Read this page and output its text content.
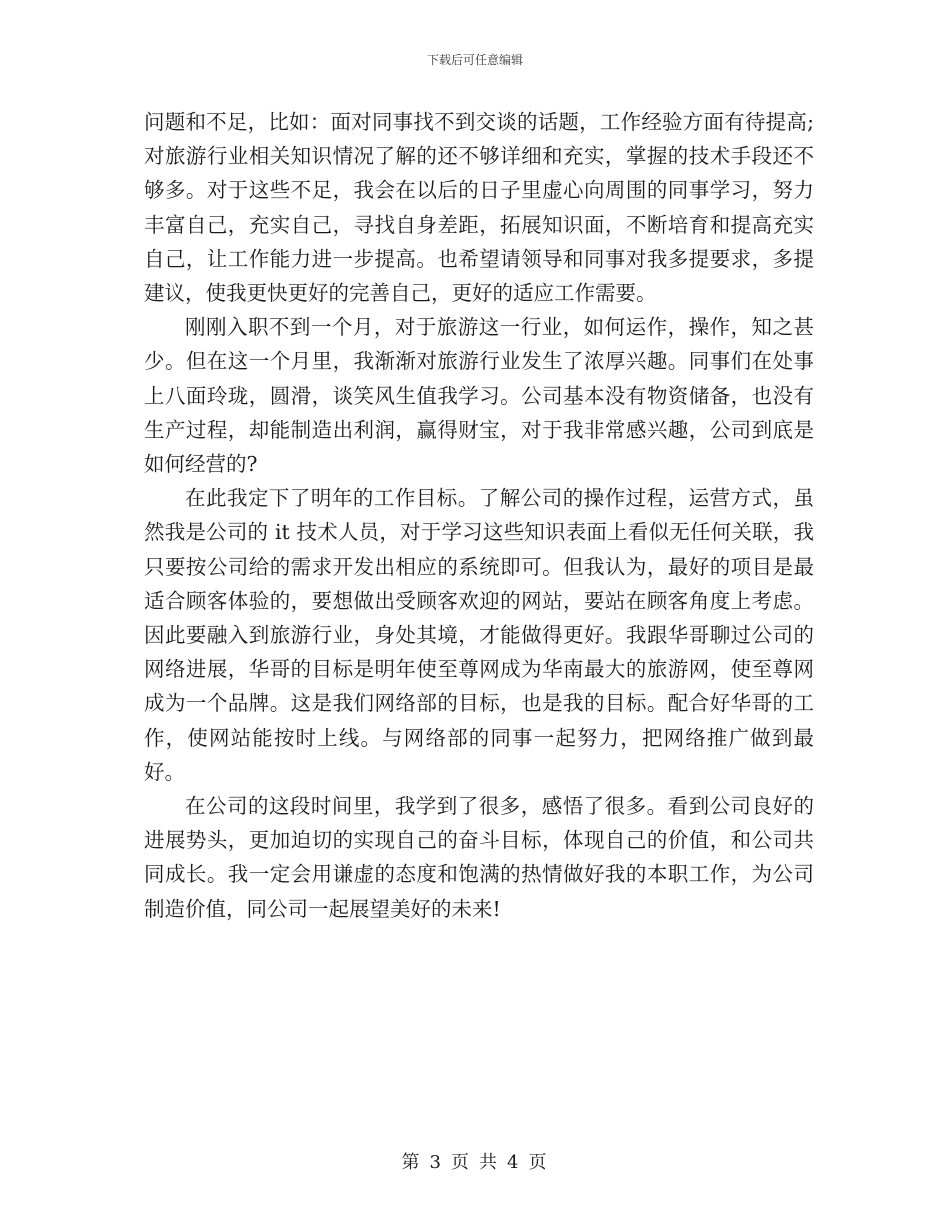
下载后可任意编辑

问题和不足，比如：面对同事找不到交谈的话题，工作经验方面有待提高;对旅游行业相关知识情况了解的还不够详细和充实，掌握的技术手段还不够多。对于这些不足，我会在以后的日子里虚心向周围的同事学习，努力丰富自己，充实自己，寻找自身差距，拓展知识面，不断培育和提高充实自己，让工作能力进一步提高。也希望请领导和同事对我多提要求，多提建议，使我更快更好的完善自己，更好的适应工作需要。

刚刚入职不到一个月，对于旅游这一行业，如何运作，操作，知之甚少。但在这一个月里，我渐渐对旅游行业发生了浓厚兴趣。同事们在处事上八面玲珑，圆滑，谈笑风生值我学习。公司基本没有物资储备，也没有生产过程，却能制造出利润，赢得财宝，对于我非常感兴趣，公司到底是如何经营的?

在此我定下了明年的工作目标。了解公司的操作过程，运营方式，虽然我是公司的 it 技术人员，对于学习这些知识表面上看似无任何关联，我只要按公司给的需求开发出相应的系统即可。但我认为，最好的项目是最适合顾客体验的，要想做出受顾客欢迎的网站，要站在顾客角度上考虑。因此要融入到旅游行业，身处其境，才能做得更好。我跟华哥聊过公司的网络进展，华哥的目标是明年使至尊网成为华南最大的旅游网，使至尊网成为一个品牌。这是我们网络部的目标，也是我的目标。配合好华哥的工作，使网站能按时上线。与网络部的同事一起努力，把网络推广做到最好。

在公司的这段时间里，我学到了很多，感悟了很多。看到公司良好的进展势头，更加迫切的实现自己的奋斗目标，体现自己的价值，和公司共同成长。我一定会用谦虚的态度和饱满的热情做好我的本职工作，为公司制造价值，同公司一起展望美好的未来!

第 3 页 共 4 页
